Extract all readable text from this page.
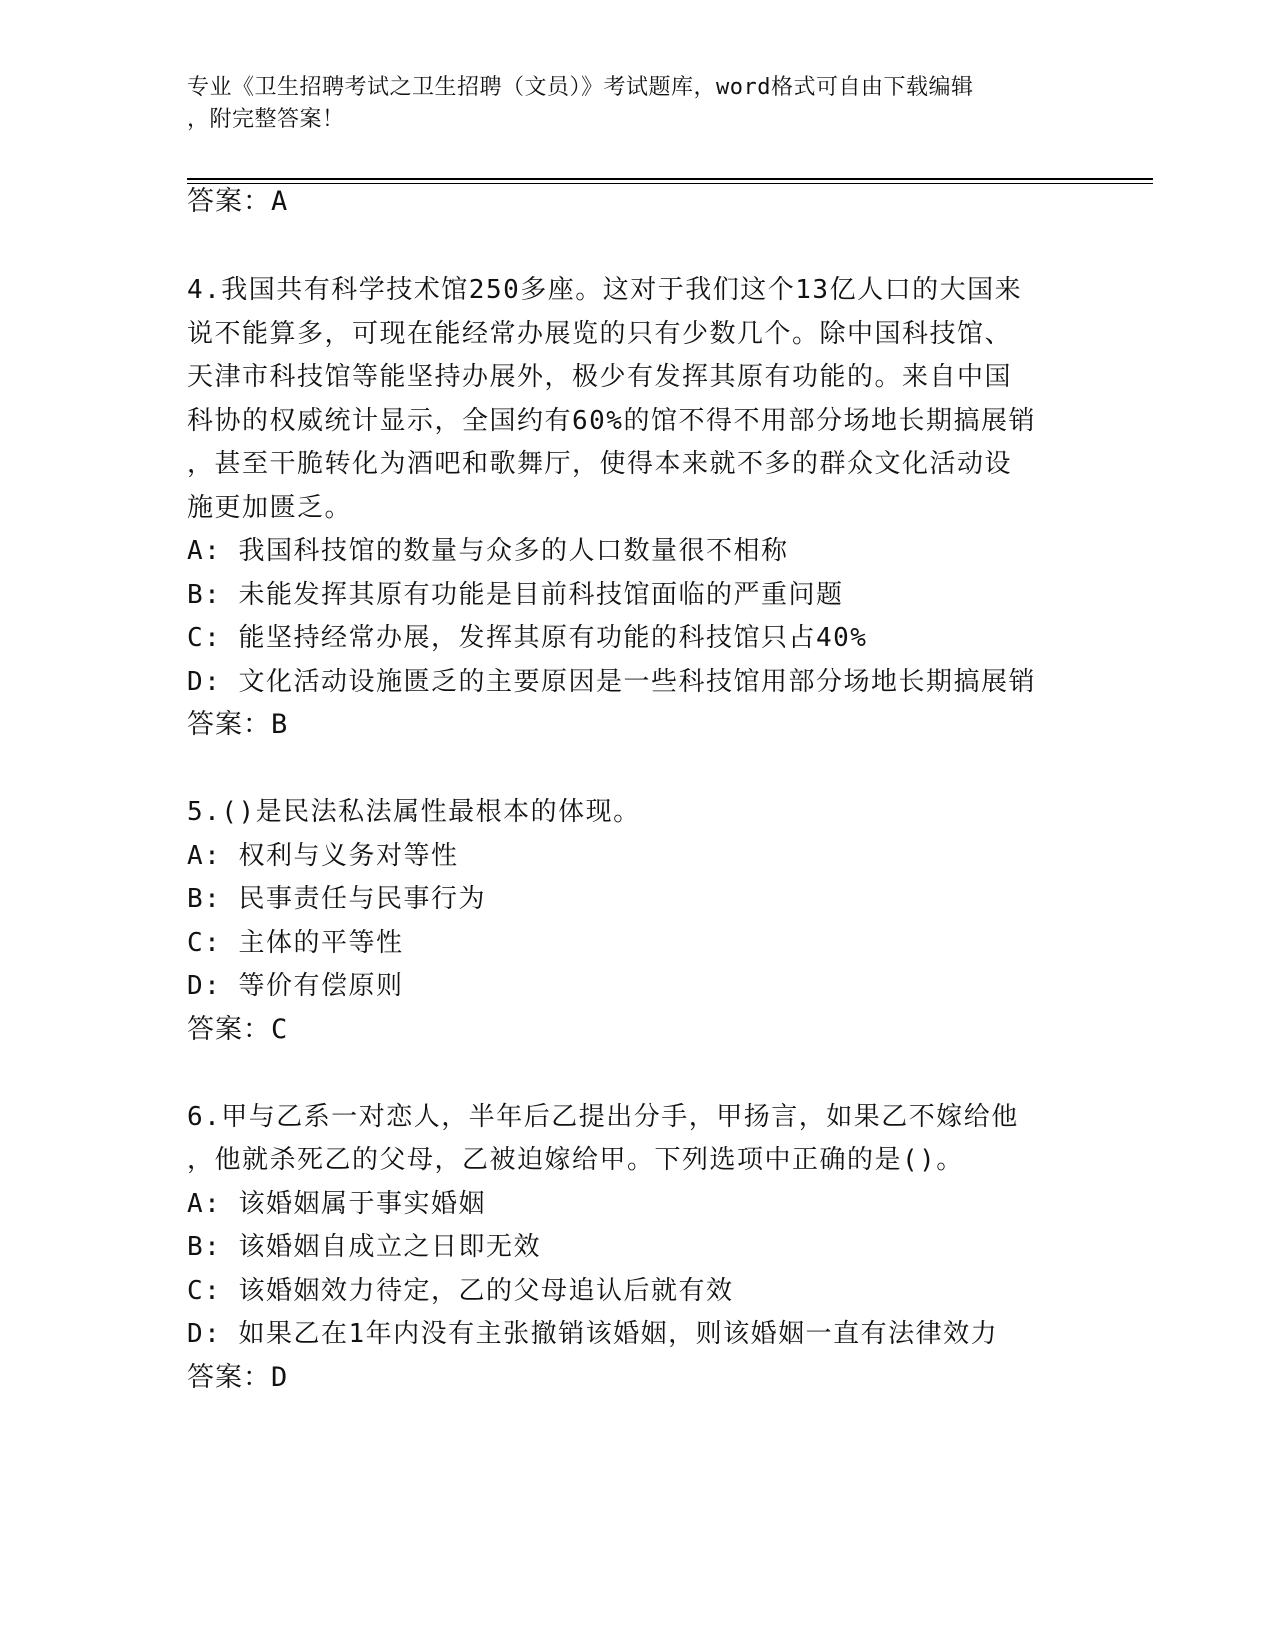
专业《卫生招聘考试之卫生招聘（文员）》考试题库，word格式可自由下载编辑
，附完整答案！
答案：A
4.我国共有科学技术馆250多座。这对于我们这个13亿人口的大国来
说不能算多，可现在能经常办展览的只有少数几个。除中国科技馆、
天津市科技馆等能坚持办展外，极少有发挥其原有功能的。来自中国
科协的权威统计显示，全国约有60%的馆不得不用部分场地长期搞展销
，甚至干脆转化为酒吧和歌舞厅，使得本来就不多的群众文化活动设
施更加匮乏。
A: 我国科技馆的数量与众多的人口数量很不相称
B: 未能发挥其原有功能是目前科技馆面临的严重问题
C: 能坚持经常办展，发挥其原有功能的科技馆只占40%
D: 文化活动设施匮乏的主要原因是一些科技馆用部分场地长期搞展销
答案：B
5.()是民法私法属性最根本的体现。
A: 权利与义务对等性
B: 民事责任与民事行为
C: 主体的平等性
D: 等价有偿原则
答案：C
6.甲与乙系一对恋人，半年后乙提出分手，甲扬言，如果乙不嫁给他
，他就杀死乙的父母，乙被迫嫁给甲。下列选项中正确的是()。
A: 该婚姻属于事实婚姻
B: 该婚姻自成立之日即无效
C: 该婚姻效力待定，乙的父母追认后就有效
D: 如果乙在1年内没有主张撤销该婚姻，则该婚姻一直有法律效力
答案：D
